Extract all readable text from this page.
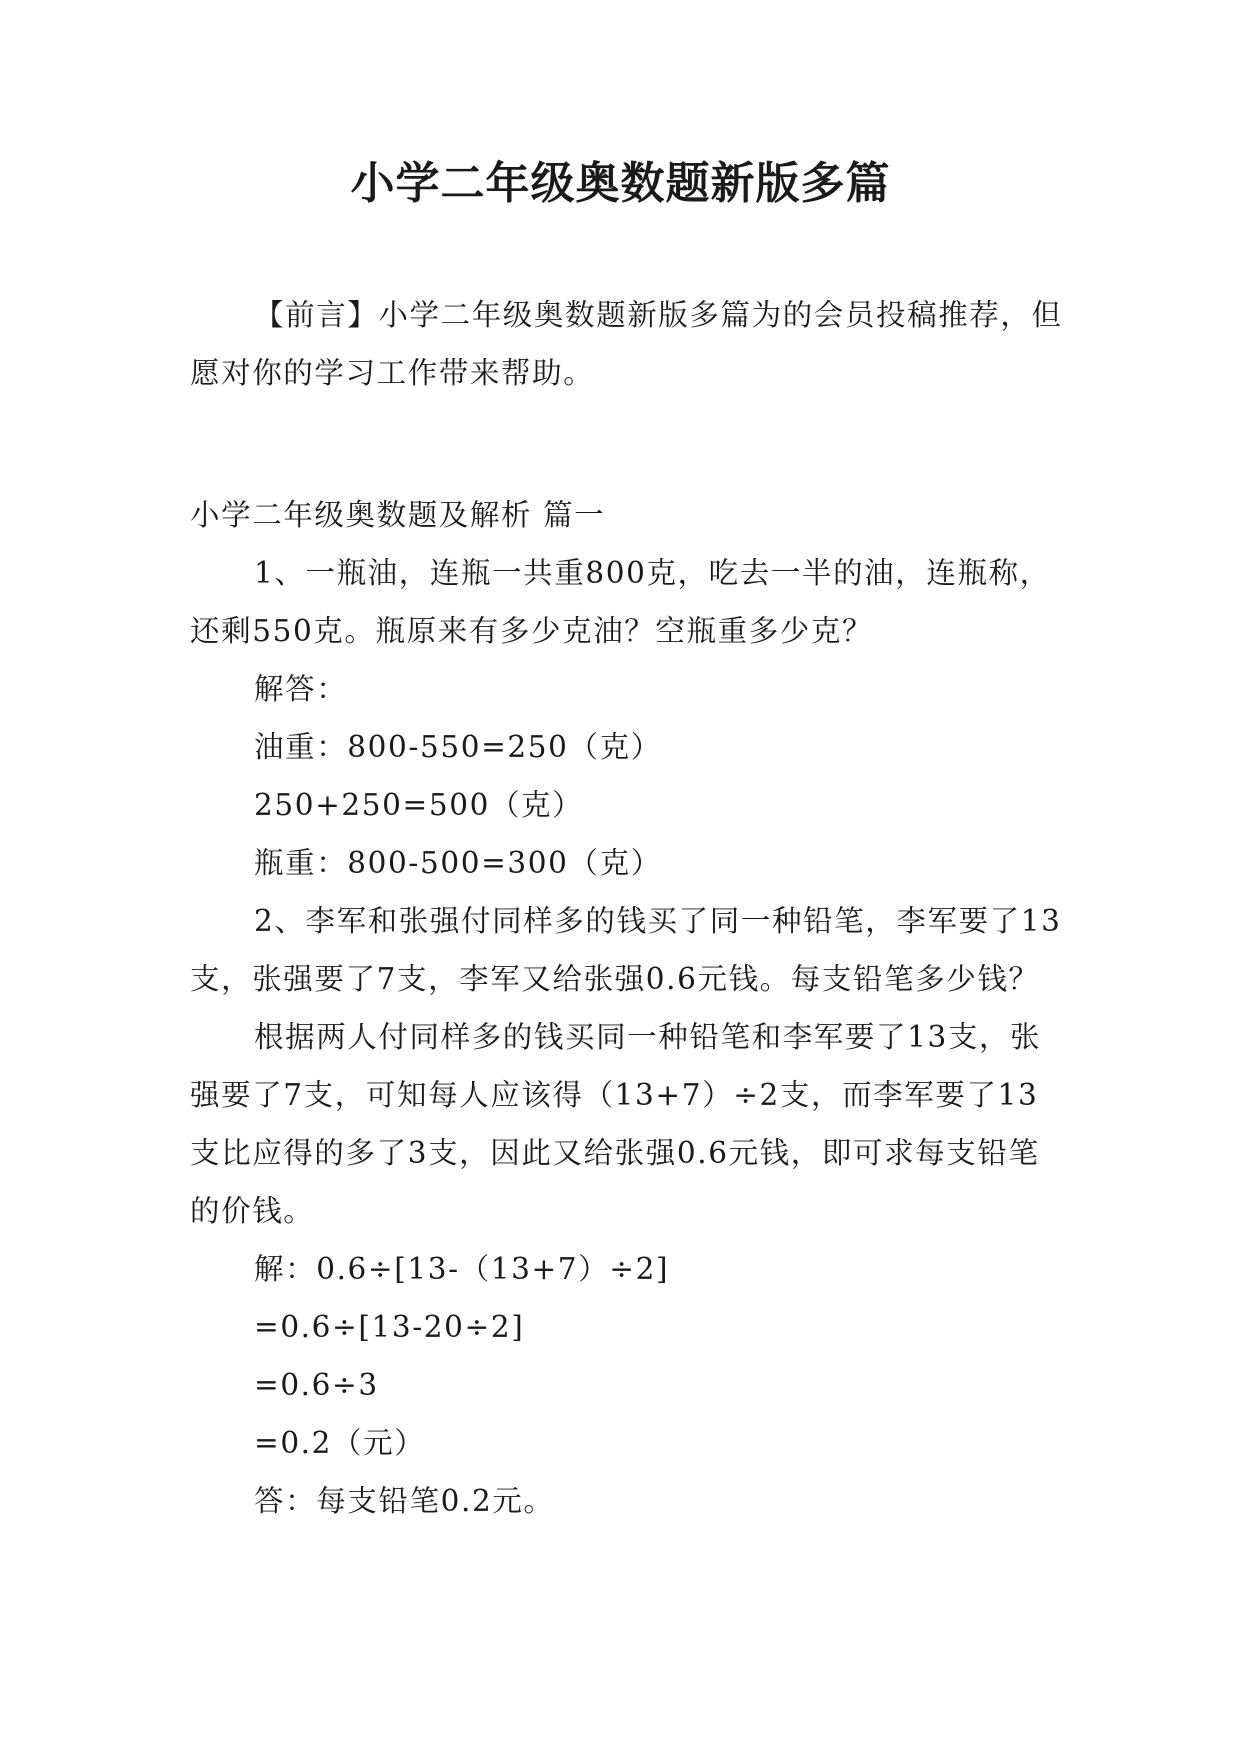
小学二年级奥数题新版多篇

【前言】小学二年级奥数题新版多篇为的会员投稿推荐，但愿对你的学习工作带来帮助。

小学二年级奥数题及解析 篇一

1、一瓶油，连瓶一共重800克，吃去一半的油，连瓶称，还剩550克。瓶原来有多少克油？空瓶重多少克？

解答：

油重：800-550=250（克）

250+250=500（克）

瓶重：800-500=300（克）

2、李军和张强付同样多的钱买了同一种铅笔，李军要了13支，张强要了7支，李军又给张强0.6元钱。每支铅笔多少钱？

根据两人付同样多的钱买同一种铅笔和李军要了13支，张强要了7支，可知每人应该得（13+7）÷2支，而李军要了13支比应得的多了3支，因此又给张强0.6元钱，即可求每支铅笔的价钱。

解：0.6÷[13-（13+7）÷2]

=0.6÷[13-20÷2]

=0.6÷3

=0.2（元）

答：每支铅笔0.2元。
